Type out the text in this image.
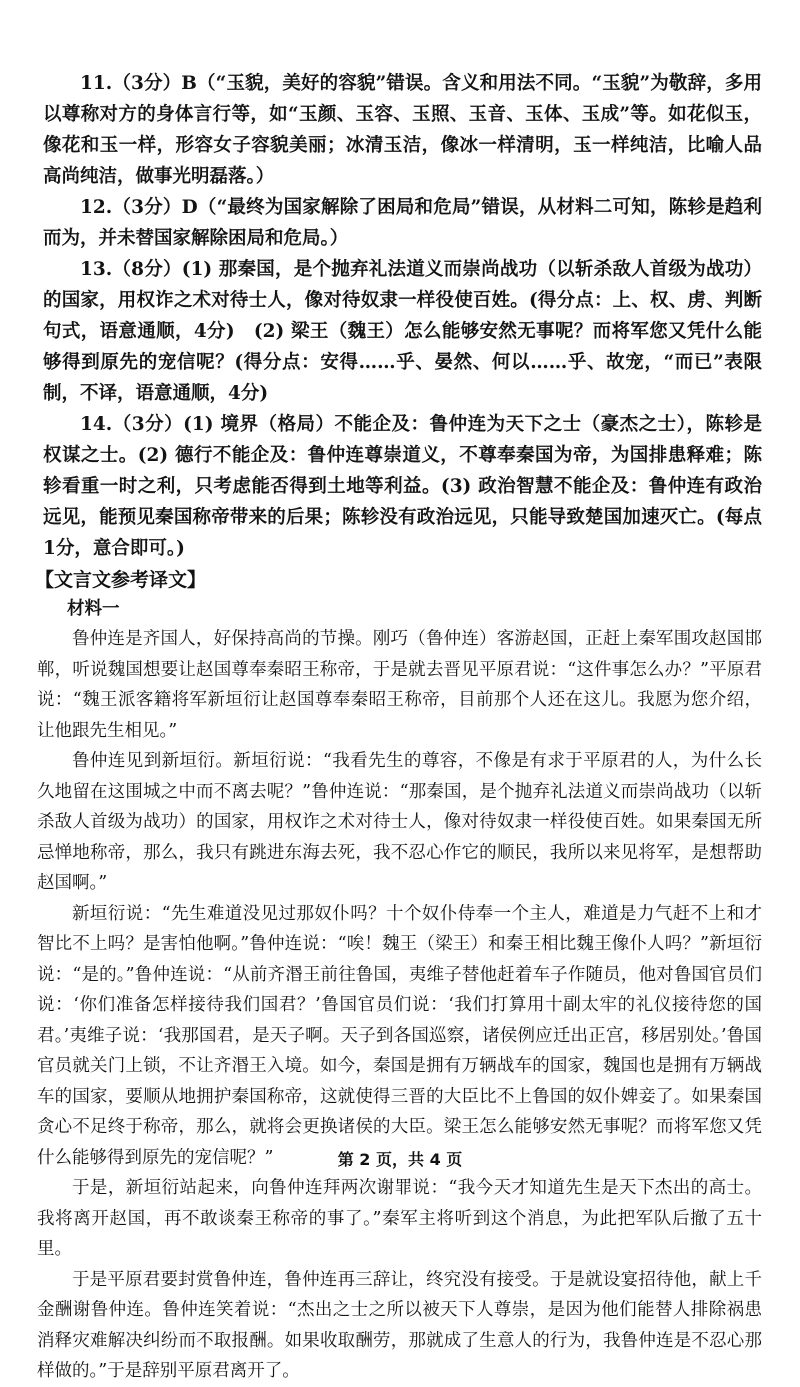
11.（3分）B（“玉貌，美好的容貌”错误。含义和用法不同。“玉貌”为敬辞，多用以尊称对方的身体言行等，如“玉颜、玉容、玉照、玉音、玉体、玉成”等。如花似玉，像花和玉一样，形容女子容貌美丽；冰清玉洁，像冰一样清明，玉一样纯洁，比喻人品高尚纯洁，做事光明磊落。）

12.（3分）D（“最终为国家解除了困局和危局”错误，从材料二可知，陈轸是趋利而为，并未替国家解除困局和危局。）

13.（8分）(1) 那秦国，是个抛弃礼法道义而崇尚战功（以斩杀敌人首级为战功）的国家，用权诈之术对待士人，像对待奴隶一样役使百姓。(得分点：上、权、虏、判断句式，语意通顺，4分)　(2) 梁王（魏王）怎么能够安然无事呢？而将军您又凭什么能够得到原先的宠信呢？(得分点：安得……乎、晏然、何以……乎、故宠，“而已”表限制，不译，语意通顺，4分)

14.（3分）(1) 境界（格局）不能企及：鲁仲连为天下之士（豪杰之士），陈轸是权谋之士。(2) 德行不能企及：鲁仲连尊崇道义，不尊奉秦国为帝，为国排患释难；陈轸看重一时之利，只考虑能否得到土地等利益。(3) 政治智慧不能企及：鲁仲连有政治远见，能预见秦国称帝带来的后果；陈轸没有政治远见，只能导致楚国加速灭亡。(每点1分，意合即可。)

【文言文参考译文】
材料一

鲁仲连是齐国人，好保持高尚的节操。刚巧（鲁仲连）客游赵国，正赶上秦军围攻赵国邯郸，听说魏国想要让赵国尊奉秦昭王称帝，于是就去晋见平原君说：“这件事怎么办？”平原君说：“魏王派客籍将军新垣衍让赵国尊奉秦昭王称帝，目前那个人还在这儿。我愿为您介绍，让他跟先生相见。”

鲁仲连见到新垣衍。新垣衍说：“我看先生的尊容，不像是有求于平原君的人，为什么长久地留在这围城之中而不离去呢？”鲁仲连说：“那秦国，是个抛弃礼法道义而崇尚战功（以斩杀敌人首级为战功）的国家，用权诈之术对待士人，像对待奴隶一样役使百姓。如果秦国无所忌惮地称帝，那么，我只有跳进东海去死，我不忍心作它的顺民，我所以来见将军，是想帮助赵国啊。”

新垣衍说：“先生难道没见过那奴仆吗？十个奴仆侍奉一个主人，难道是力气赶不上和才智比不上吗？是害怕他啊。”鲁仲连说：“唉！魏王（梁王）和秦王相比魏王像仆人吗？”新垣衍说：“是的。”鲁仲连说：“从前齐湣王前往鲁国，夷维子替他赶着车子作随员，他对鲁国官员们说：‘你们准备怎样接待我们国君？’鲁国官员们说：‘我们打算用十副太牢的礼仪接待您的国君。’夷维子说：‘我那国君，是天子啊。天子到各国巡察，诸侯例应迁出正宫，移居别处。’鲁国官员就关门上锁，不让齐湣王入境。如今，秦国是拥有万辆战车的国家，魏国也是拥有万辆战车的国家，要顺从地拥护秦国称帝，这就使得三晋的大臣比不上鲁国的奴仆婢妾了。如果秦国贪心不足终于称帝，那么，就将会更换诸侯的大臣。梁王怎么能够安然无事呢？而将军您又凭什么能够得到原先的宠信呢？”

于是，新垣衍站起来，向鲁仲连拜两次谢罪说：“我今天才知道先生是天下杰出的高士。我将离开赵国，再不敢谈秦王称帝的事了。”秦军主将听到这个消息，为此把军队后撤了五十里。

于是平原君要封赏鲁仲连，鲁仲连再三辞让，终究没有接受。于是就设宴招待他，献上千金酬谢鲁仲连。鲁仲连笑着说：“杰出之士之所以被天下人尊崇，是因为他们能替人排除祸患消释灾难解决纠纷而不取报酬。如果收取酬劳，那就成了生意人的行为，我鲁仲连是不忍心那样做的。”于是辞别平原君离开了。

第 2 页，共 4 页
